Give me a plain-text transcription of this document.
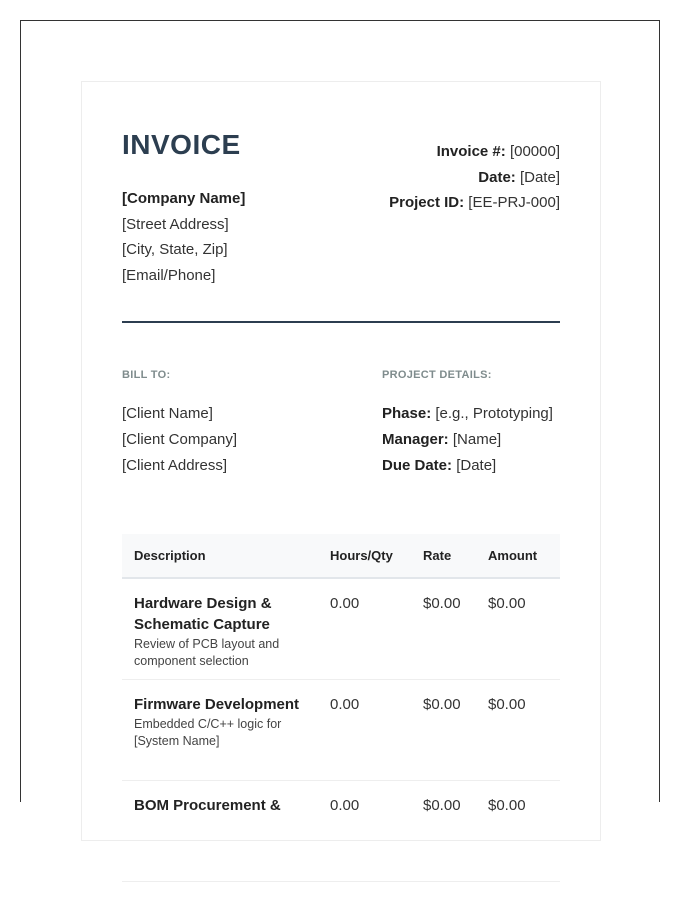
INVOICE
[Company Name]
[Street Address]
[City, State, Zip]
[Email/Phone]
Invoice #: [00000]
Date: [Date]
Project ID: [EE-PRJ-000]
BILL TO:	PROJECT DETAILS:
[Client Name]
[Client Company]
[Client Address]
Phase: [e.g., Prototyping]
Manager: [Name]
Due Date: [Date]
Description	Hours/Qty Rate	Amount
Hardware Design & Schematic Capture
Review of PCB layout and component selection
0.00	$0.00 $0.00
Firmware Development
Embedded C/C++ logic for [System Name]
0.00	$0.00 $0.00
BOM Procurement &	0.00	$0.00 $0.00
